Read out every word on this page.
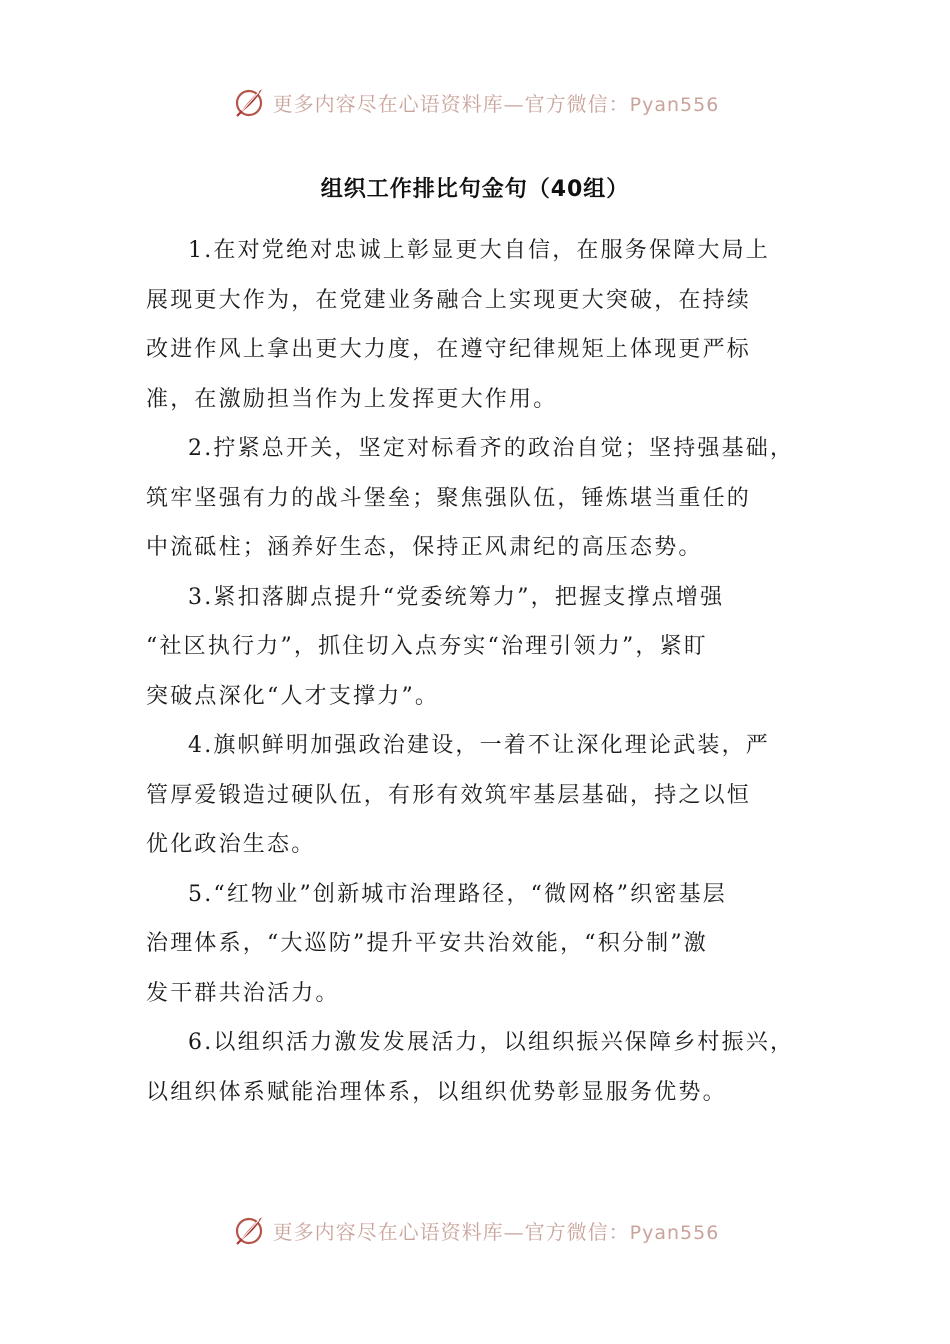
更多内容尽在心语资料库—官方微信：Pyan556
组织工作排比句金句（40组）

1.在对党绝对忠诚上彰显更大自信，在服务保障大局上
展现更大作为，在党建业务融合上实现更大突破，在持续
改进作风上拿出更大力度，在遵守纪律规矩上体现更严标
准，在激励担当作为上发挥更大作用。

2.拧紧总开关，坚定对标看齐的政治自觉；坚持强基础，
筑牢坚强有力的战斗堡垒；聚焦强队伍，锤炼堪当重任的
中流砥柱；涵养好生态，保持正风肃纪的高压态势。

3.紧扣落脚点提升“党委统筹力”，把握支撑点增强
“社区执行力”，抓住切入点夯实“治理引领力”，紧盯
突破点深化“人才支撑力”。

4.旗帜鲜明加强政治建设，一着不让深化理论武装，严
管厚爱锻造过硬队伍，有形有效筑牢基层基础，持之以恒
优化政治生态。

5.“红物业”创新城市治理路径，“微网格”织密基层
治理体系，“大巡防”提升平安共治效能，“积分制”激
发干群共治活力。

6.以组织活力激发发展活力，以组织振兴保障乡村振兴，
以组织体系赋能治理体系，以组织优势彰显服务优势。

更多内容尽在心语资料库—官方微信：Pyan556
